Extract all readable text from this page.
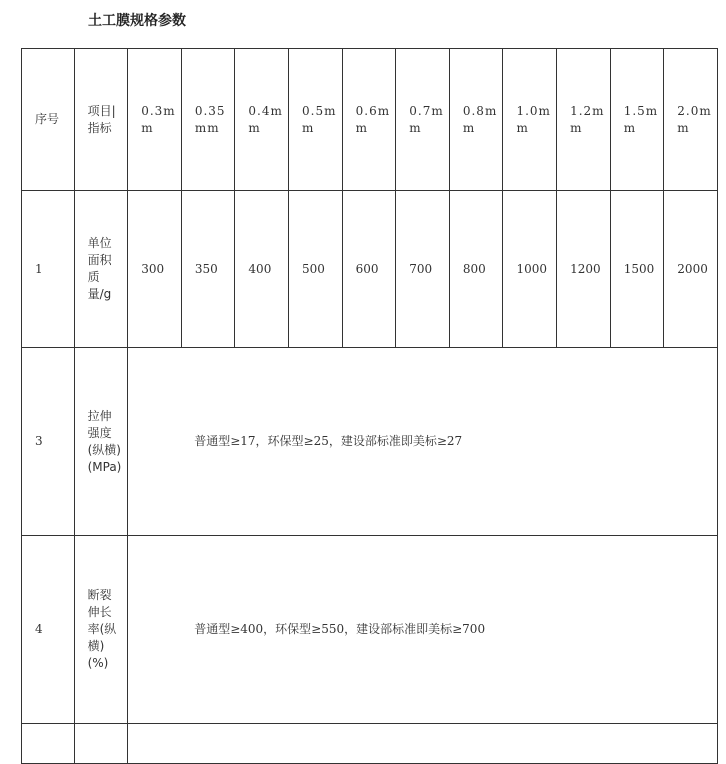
土工膜规格参数
序号	项目|指标	0.3mm	0.35mm	0.4mm	0.5mm	0.6mm	0.7mm	0.8mm	1.0mm	1.2mm	1.5mm	2.0mm
1	单位面积质量/g	300	350	400	500	600	700	800	1000	1200	1500	2000
3	拉伸强度(纵横)(MPa)	普通型≥17，环保型≥25，建设部标准即美标≥27										
4	断裂伸长率(纵横)(%)	普通型≥400，环保型≥550，建设部标准即美标≥700										
